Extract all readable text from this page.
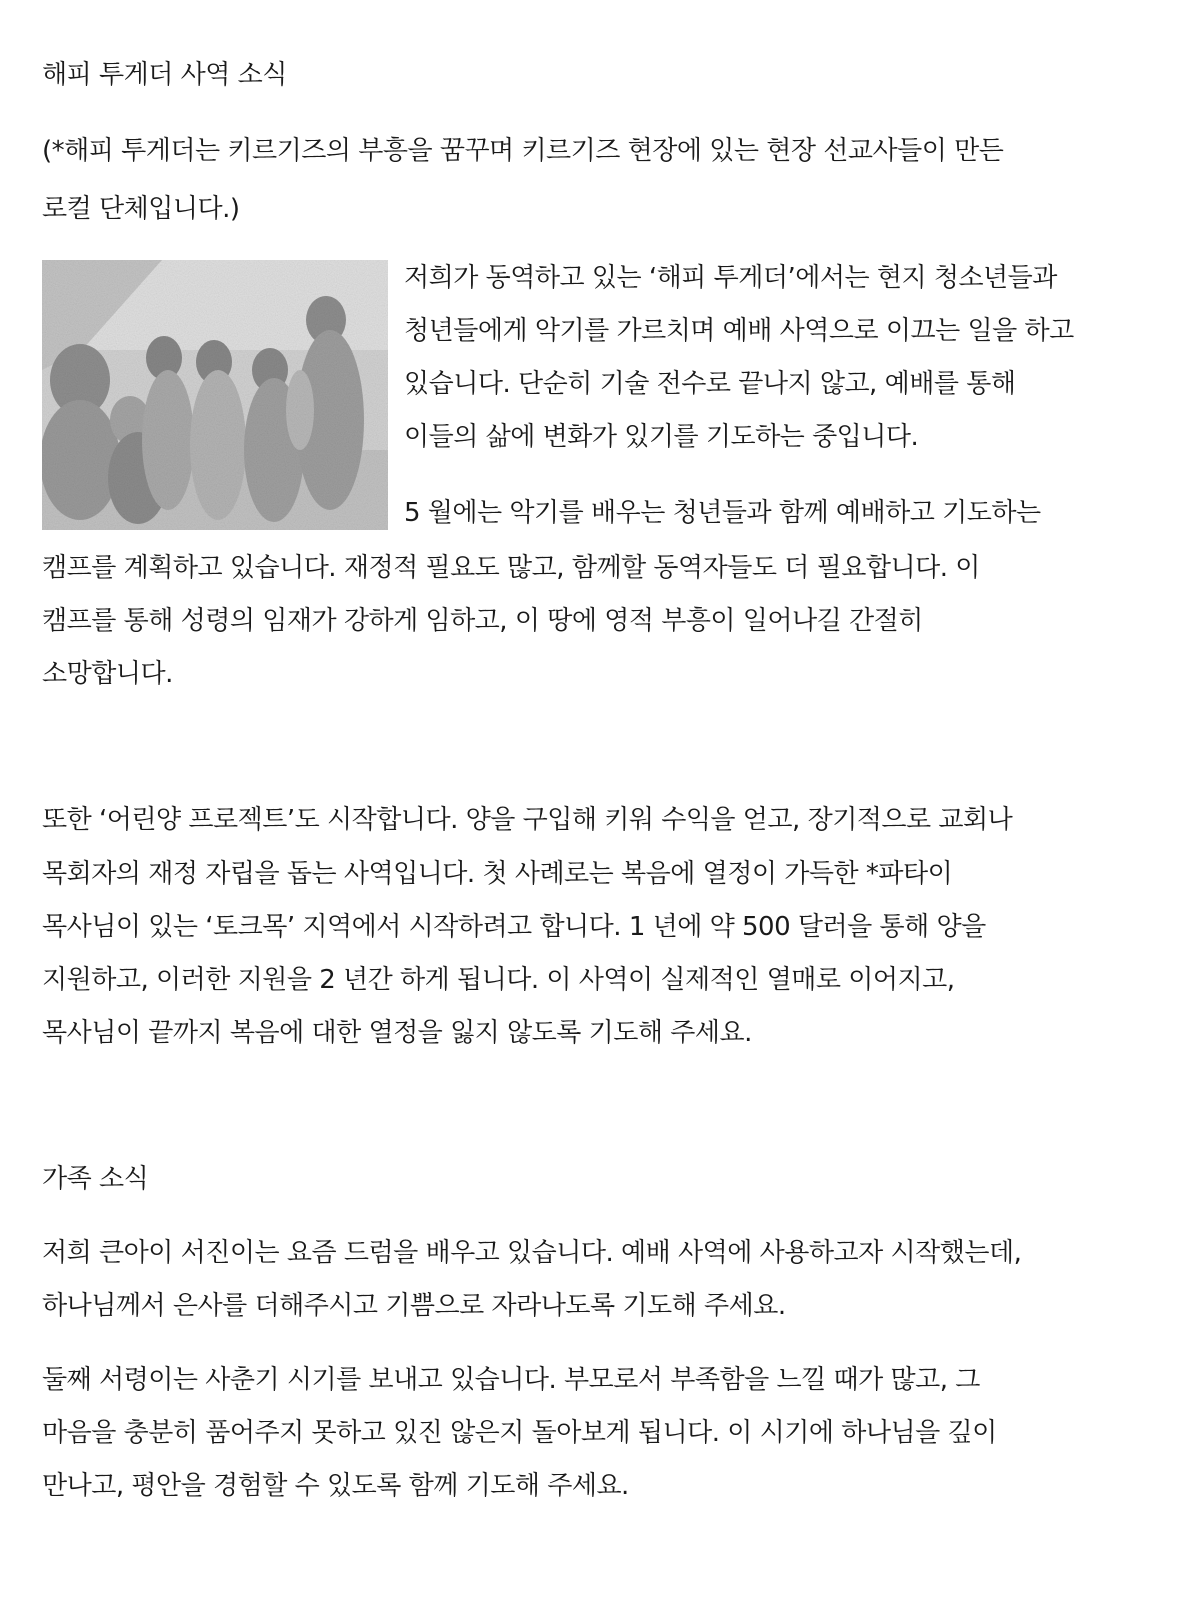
해피 투게더 사역 소식
(*해피 투게더는 키르기즈의 부흥을 꿈꾸며 키르기즈 현장에 있는 현장 선교사들이 만든
로컬 단체입니다.)
저희가 동역하고 있는 ‘해피 투게더’에서는 현지 청소년들과
청년들에게 악기를 가르치며 예배 사역으로 이끄는 일을 하고
있습니다. 단순히 기술 전수로 끝나지 않고, 예배를 통해
이들의 삶에 변화가 있기를 기도하는 중입니다.
5 월에는 악기를 배우는 청년들과 함께 예배하고 기도하는
캠프를 계획하고 있습니다. 재정적 필요도 많고, 함께할 동역자들도 더 필요합니다. 이
캠프를 통해 성령의 임재가 강하게 임하고, 이 땅에 영적 부흥이 일어나길 간절히
소망합니다.
또한 ‘어린양 프로젝트’도 시작합니다. 양을 구입해 키워 수익을 얻고, 장기적으로 교회나
목회자의 재정 자립을 돕는 사역입니다. 첫 사례로는 복음에 열정이 가득한 *파타이
목사님이 있는 ‘토크목’ 지역에서 시작하려고 합니다. 1 년에 약 500 달러을 통해 양을
지원하고, 이러한 지원을 2 년간 하게 됩니다. 이 사역이 실제적인 열매로 이어지고,
목사님이 끝까지 복음에 대한 열정을 잃지 않도록 기도해 주세요.
가족 소식
저희 큰아이 서진이는 요즘 드럼을 배우고 있습니다. 예배 사역에 사용하고자 시작했는데,
하나님께서 은사를 더해주시고 기쁨으로 자라나도록 기도해 주세요.
둘째 서령이는 사춘기 시기를 보내고 있습니다. 부모로서 부족함을 느낄 때가 많고, 그
마음을 충분히 품어주지 못하고 있진 않은지 돌아보게 됩니다. 이 시기에 하나님을 깊이
만나고, 평안을 경험할 수 있도록 함께 기도해 주세요.
